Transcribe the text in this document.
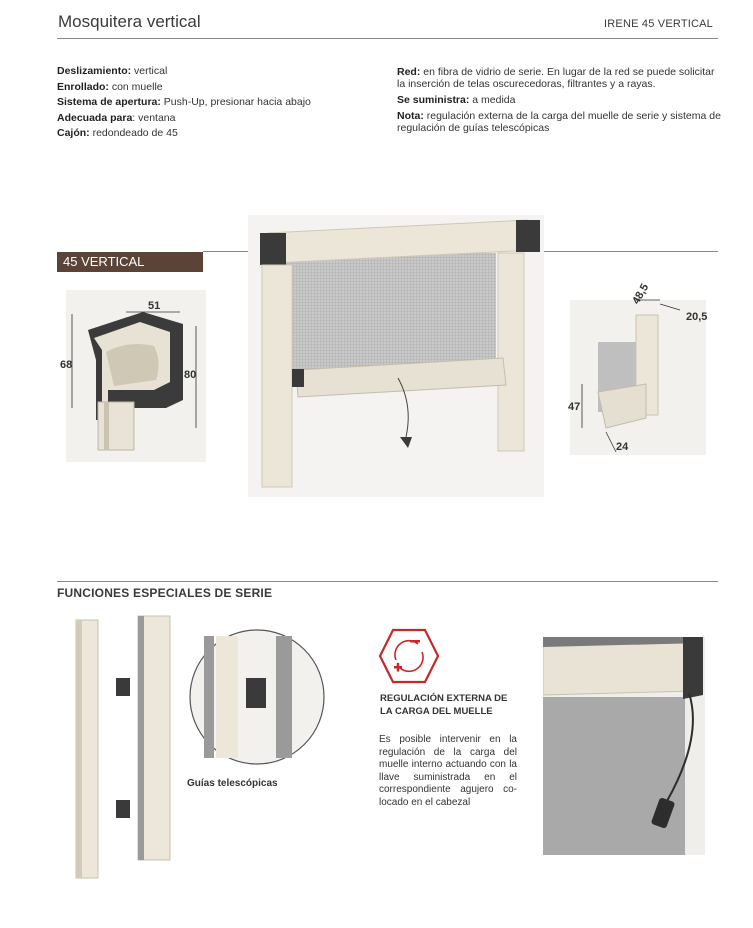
Mosquitera vertical	IRENE 45 VERTICAL
Deslizamiento: vertical
Enrollado: con muelle
Sistema de apertura: Push-Up, presionar hacia abajo
Adecuada para: ventana
Cajón: redondeado de 45
Red: en fibra de vidrio de serie. En lugar de la red se puede solicitar la inserción de telas oscurecedoras, filtrantes y a rayas.
Se suministra: a medida
Nota: regulación externa de la carga del muelle de serie y sistema de regulación de guías telescópicas
45 VERTICAL
51
68
80
48,5
20,5
47
24
FUNCIONES ESPECIALES DE SERIE
Guías telescópicas
REGULACIÓN EXTERNA DE
LA CARGA DEL MUELLE
Es posible intervenir en la regulación de la carga del muelle interno actuando con la llave suministrada en el correspondiente agujero co-locado en el cabezal
